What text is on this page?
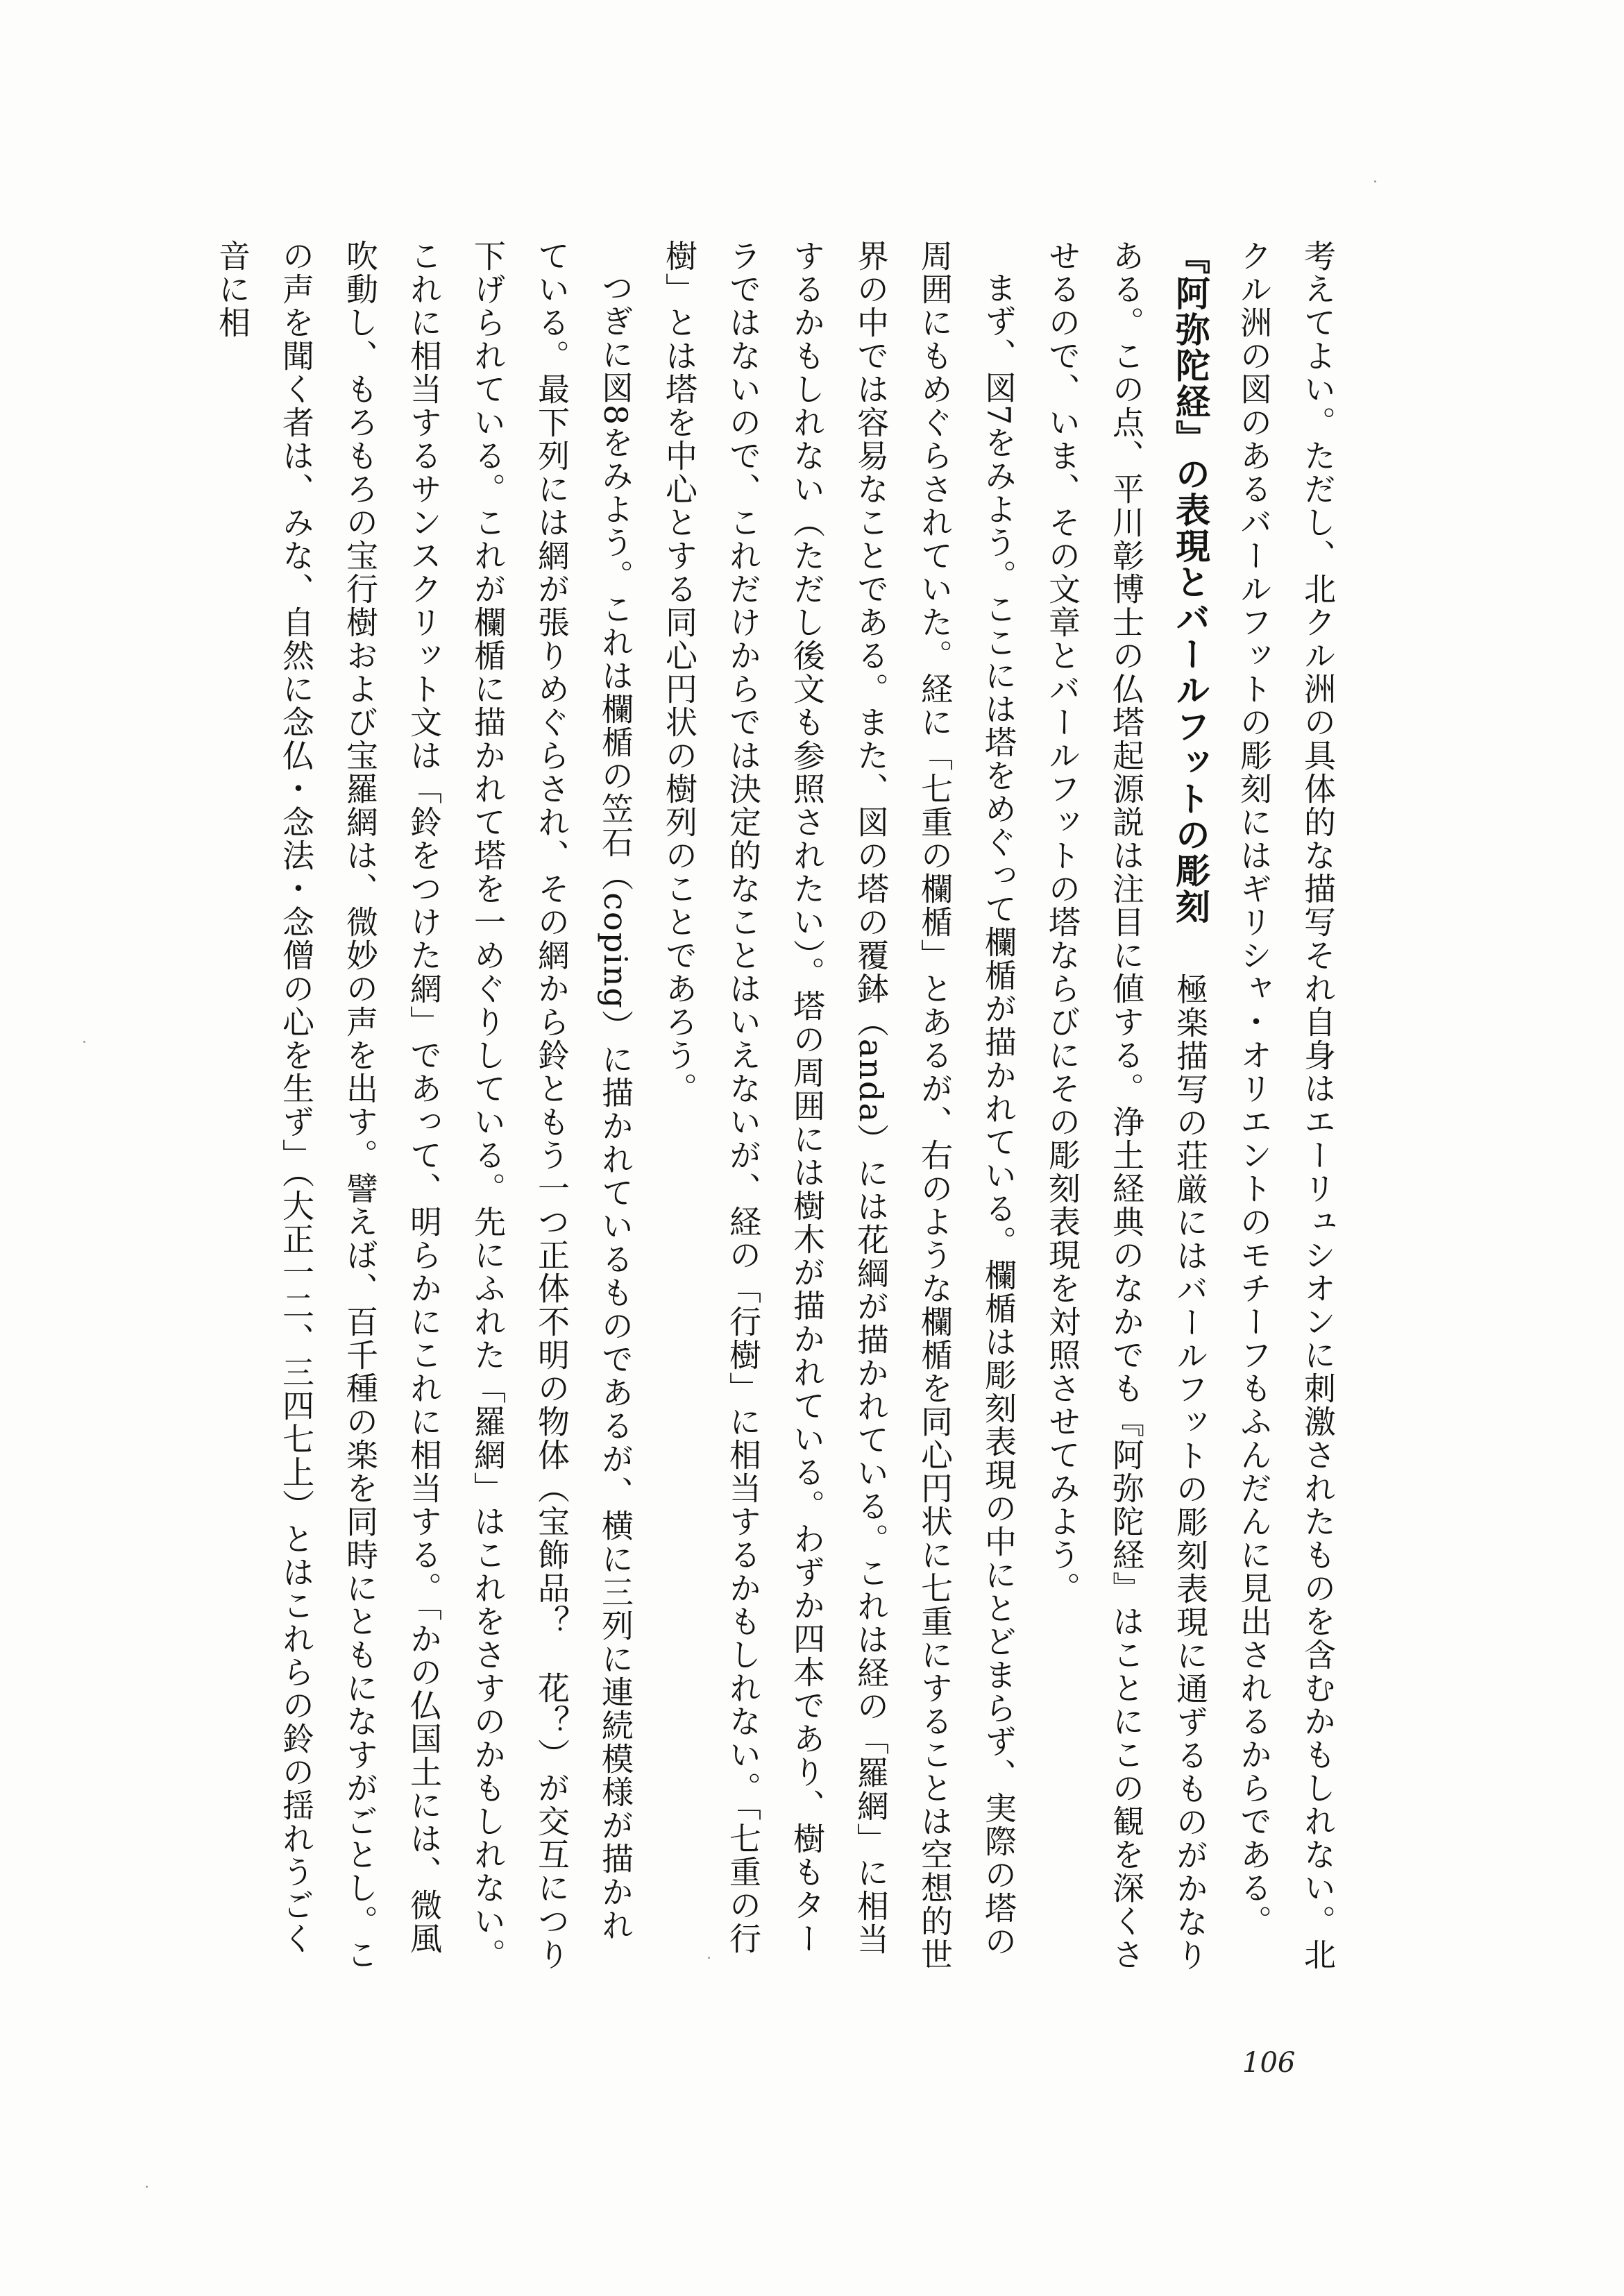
考えてよい。ただし、北クル洲の具体的な描写それ自身はエーリュシオンに刺激されたものを含むかもしれない。北クル洲の図のあるバールフットの彫刻にはギリシャ・オリエントのモチーフもふんだんに見出されるからである。
『阿弥陀経』の表現とバールフットの彫刻極楽描写の荘厳にはバールフットの彫刻表現に通ずるものがかなりある。この点、平川彰博士の仏塔起源説は注目に値する。浄土経典のなかでも『阿弥陀経』はことにこの観を深くさせるので、いま、その文章とバールフットの塔ならびにその彫刻表現を対照させてみよう。
まず、図7をみよう。ここには塔をめぐって欄楯が描かれている。欄楯は彫刻表現の中にとどまらず、実際の塔の周囲にもめぐらされていた。経に「七重の欄楯」とあるが、右のような欄楯を同心円状に七重にすることは空想的世界の中では容易なことである。また、図の塔の覆鉢（anda）には花綱が描かれている。これは経の「羅網」に相当するかもしれない（ただし後文も参照されたい）。塔の周囲には樹木が描かれている。わずか四本であり、樹もターラではないので、これだけからでは決定的なことはいえないが、経の「行樹」に相当するかもしれない。「七重の行樹」とは塔を中心とする同心円状の樹列のことであろう。
つぎに図8をみよう。これは欄楯の笠石（coping）に描かれているものであるが、横に三列に連続模様が描かれている。最下列には網が張りめぐらされ、その網から鈴ともう一つ正体不明の物体（宝飾品？　花？）が交互につり下げられている。これが欄楯に描かれて塔を一めぐりしている。先にふれた「羅網」はこれをさすのかもしれない。これに相当するサンスクリット文は「鈴をつけた網」であって、明らかにこれに相当する。「かの仏国土には、微風吹動し、もろもろの宝行樹および宝羅網は、微妙の声を出す。譬えば、百千種の楽を同時にともになすがごとし。この声を聞く者は、みな、自然に念仏・念法・念僧の心を生ず」（大正一二、三四七上）とはこれらの鈴の揺れうごく音に相
106
